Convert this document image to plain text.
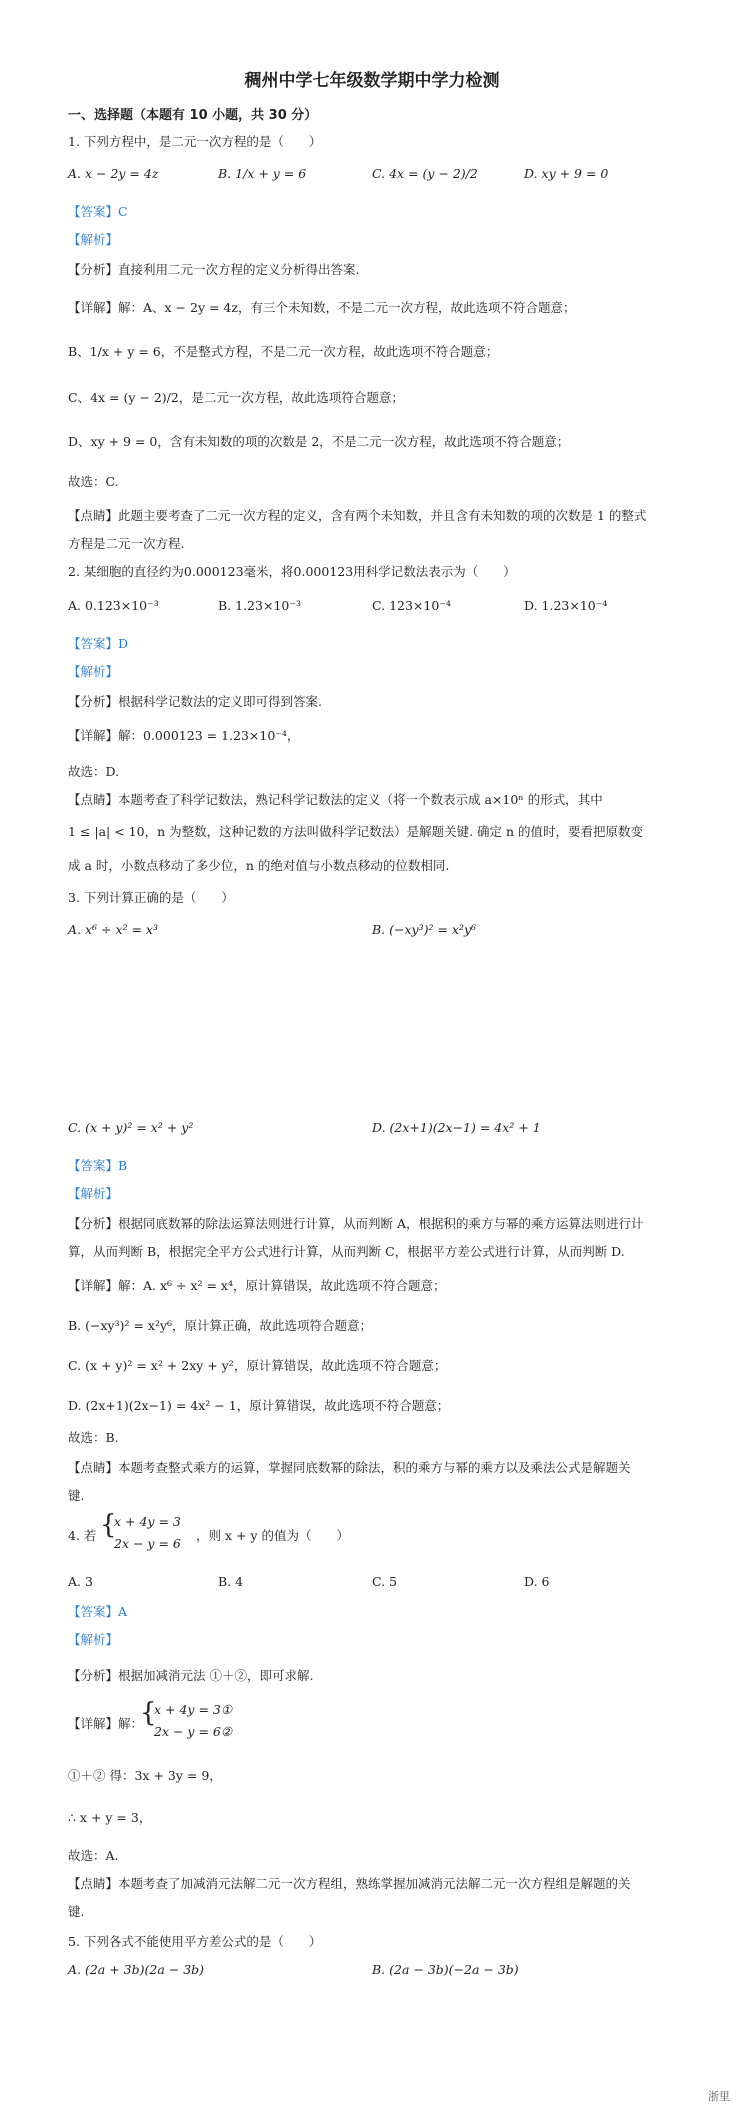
稠州中学七年级数学期中学力检测
一、选择题（本题有 10 小题，共 30 分）
1. 下列方程中，是二元一次方程的是（　　）
A. x − 2y = 4z	B. 1/x + y = 6	C. 4x = (y − 2)/2	D. xy + 9 = 0
【答案】C
【解析】
【分析】直接利用二元一次方程的定义分析得出答案.
【详解】解：A、x − 2y = 4z，有三个未知数，不是二元一次方程，故此选项不符合题意；
B、1/x + y = 6，不是整式方程，不是二元一次方程，故此选项不符合题意；
C、4x = (y − 2)/2，是二元一次方程，故此选项符合题意；
D、xy + 9 = 0，含有未知数的项的次数是 2，不是二元一次方程，故此选项不符合题意；
故选：C.
【点睛】此题主要考查了二元一次方程的定义，含有两个未知数，并且含有未知数的项的次数是 1 的整式
方程是二元一次方程.
2. 某细胞的直径约为0.000123毫米，将0.000123用科学记数法表示为（　　）
A. 0.123×10⁻³	B. 1.23×10⁻³	C. 123×10⁻⁴	D. 1.23×10⁻⁴
【答案】D
【解析】
【分析】根据科学记数法的定义即可得到答案.
【详解】解：0.000123 = 1.23×10⁻⁴，
故选：D.
【点睛】本题考查了科学记数法，熟记科学记数法的定义（将一个数表示成 a×10ⁿ 的形式，其中
1 ≤ |a| < 10，n 为整数，这种记数的方法叫做科学记数法）是解题关键. 确定 n 的值时，要看把原数变
成 a 时，小数点移动了多少位，n 的绝对值与小数点移动的位数相同.
3. 下列计算正确的是（　　）
A. x⁶ ÷ x² = x³	B. (−xy³)² = x²y⁶
C. (x + y)² = x² + y²	D. (2x+1)(2x−1) = 4x² + 1
【答案】B
【解析】
【分析】根据同底数幂的除法运算法则进行计算，从而判断 A，根据积的乘方与幂的乘方运算法则进行计
算，从而判断 B，根据完全平方公式进行计算，从而判断 C，根据平方差公式进行计算，从而判断 D.
【详解】解：A. x⁶ ÷ x² = x⁴，原计算错误，故此选项不符合题意；
B. (−xy³)² = x²y⁶，原计算正确，故此选项符合题意；
C. (x + y)² = x² + 2xy + y²，原计算错误，故此选项不符合题意；
D. (2x+1)(2x−1) = 4x² − 1，原计算错误，故此选项不符合题意；
故选：B.
【点睛】本题考查整式乘方的运算，掌握同底数幂的除法，积的乘方与幂的乘方以及乘法公式是解题关
键.
4. 若 {
x + 4y = 3
2x − y = 6
，则 x + y 的值为（　　）
A. 3	B. 4	C. 5	D. 6
【答案】A
【解析】
【分析】根据加减消元法 ①＋②，即可求解.
【详解】解：
{
x + 4y = 3①
2x − y = 6②
①＋② 得：3x + 3y = 9，
∴ x + y = 3，
故选：A.
【点睛】本题考查了加减消元法解二元一次方程组，熟练掌握加减消元法解二元一次方程组是解题的关
键.
5. 下列各式不能使用平方差公式的是（　　）
A. (2a + 3b)(2a − 3b)	B. (2a − 3b)(−2a − 3b)
浙里
